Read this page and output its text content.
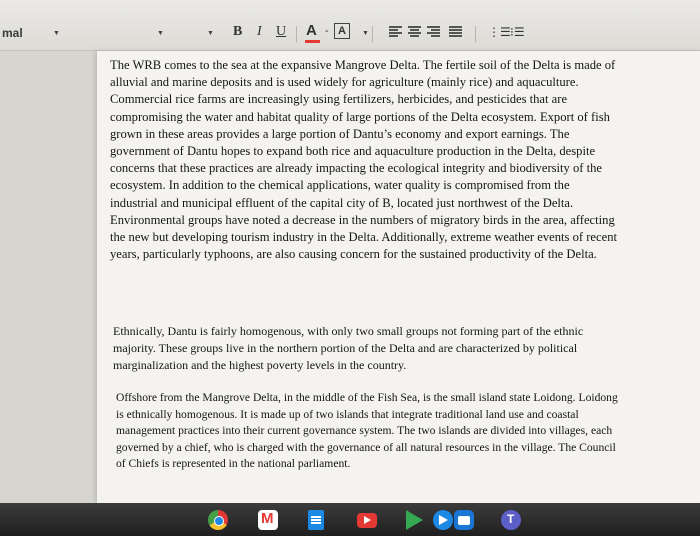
mal	▼	▼	▼ B I U A - A	▼	⋮☰ ⁝☰

The WRB comes to the sea at the expansive Mangrove Delta. The fertile soil of the Delta is made of alluvial and marine deposits and is used widely for agriculture (mainly rice) and aquaculture. Commercial rice farms are increasingly using fertilizers, herbicides, and pesticides that are compromising the water and habitat quality of large portions of the Delta ecosystem. Export of fish grown in these areas provides a large portion of Dantu’s economy and export earnings. The government of Dantu hopes to expand both rice and aquaculture production in the Delta, despite concerns that these practices are already impacting the ecological integrity and biodiversity of the ecosystem. In addition to the chemical applications, water quality is compromised from the industrial and municipal effluent of the capital city of B, located just northwest of the Delta. Environmental groups have noted a decrease in the numbers of migratory birds in the area, affecting the new but developing tourism industry in the Delta. Additionally, extreme weather events of recent years, particularly typhoons, are also causing concern for the sustained productivity of the Delta.

Ethnically, Dantu is fairly homogenous, with only two small groups not forming part of the ethnic majority. These groups live in the northern portion of the Delta and are characterized by political marginalization and the highest poverty levels in the country.

Offshore from the Mangrove Delta, in the middle of the Fish Sea, is the small island state Loidong. Loidong is ethnically homogenous. It is made up of two islands that integrate traditional land use and coastal management practices into their current governance system. The two islands are divided into villages, each governed by a chief, who is charged with the governance of all natural resources in the village. The Council of Chiefs is represented in the national parliament.

M
T
